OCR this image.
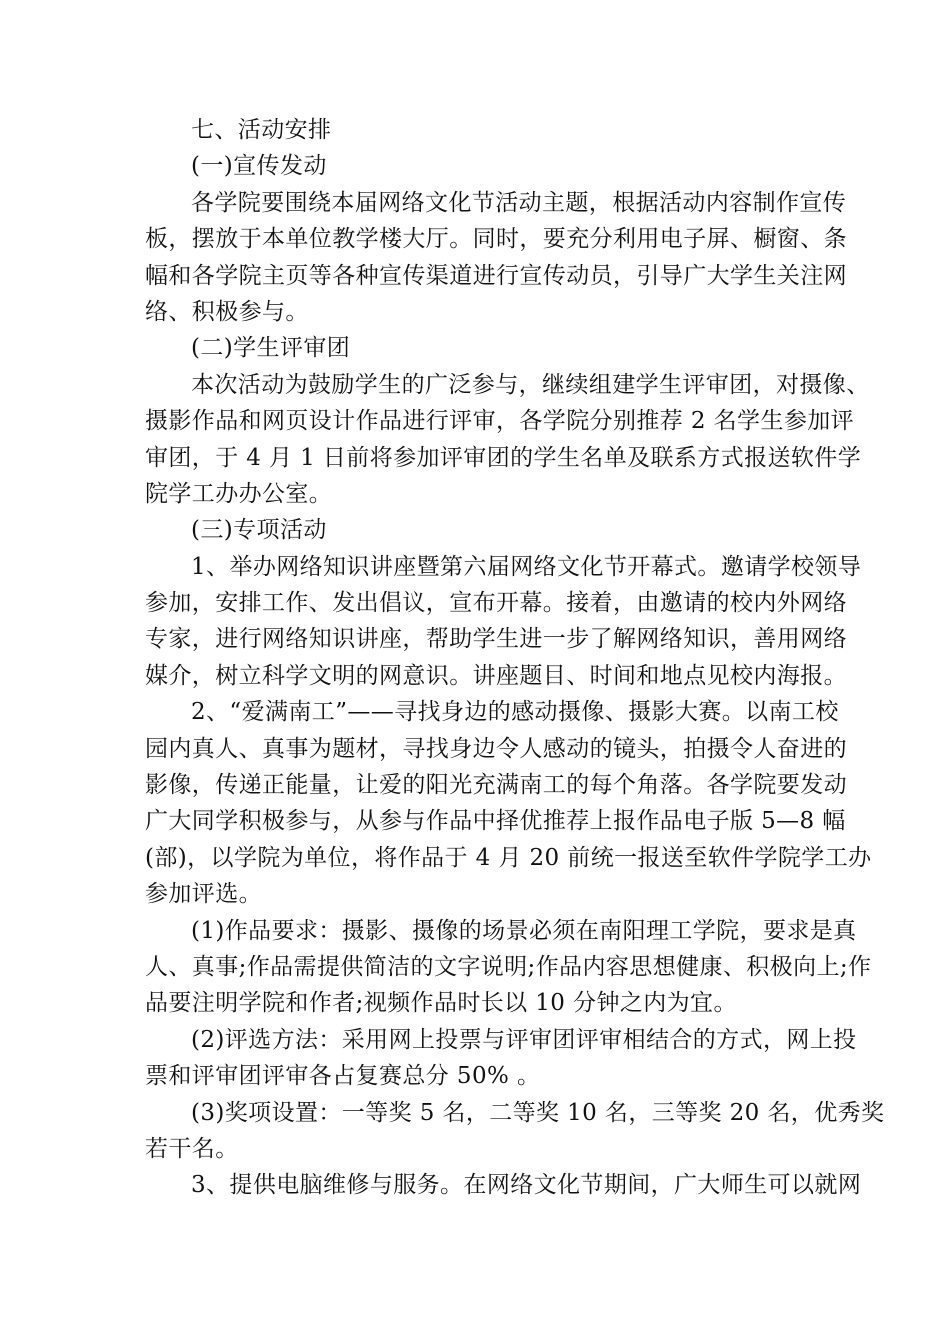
七、活动安排
(一)宣传发动
各学院要围绕本届网络文化节活动主题，根据活动内容制作宣传
板，摆放于本单位教学楼大厅。同时，要充分利用电子屏、橱窗、条
幅和各学院主页等各种宣传渠道进行宣传动员，引导广大学生关注网
络、积极参与。
(二)学生评审团
本次活动为鼓励学生的广泛参与，继续组建学生评审团，对摄像、
摄影作品和网页设计作品进行评审，各学院分别推荐 2 名学生参加评
审团，于 4 月 1 日前将参加评审团的学生名单及联系方式报送软件学
院学工办办公室。
(三)专项活动
1、举办网络知识讲座暨第六届网络文化节开幕式。邀请学校领导
参加，安排工作、发出倡议，宣布开幕。接着，由邀请的校内外网络
专家，进行网络知识讲座，帮助学生进一步了解网络知识，善用网络
媒介，树立科学文明的网意识。讲座题目、时间和地点见校内海报。
2、“爱满南工”——寻找身边的感动摄像、摄影大赛。以南工校
园内真人、真事为题材，寻找身边令人感动的镜头，拍摄令人奋进的
影像，传递正能量，让爱的阳光充满南工的每个角落。各学院要发动
广大同学积极参与，从参与作品中择优推荐上报作品电子版 5—8 幅
(部)，以学院为单位，将作品于 4 月 20 前统一报送至软件学院学工办
参加评选。
(1)作品要求：摄影、摄像的场景必须在南阳理工学院，要求是真
人、真事;作品需提供简洁的文字说明;作品内容思想健康、积极向上;作
品要注明学院和作者;视频作品时长以 10 分钟之内为宜。
(2)评选方法：采用网上投票与评审团评审相结合的方式，网上投
票和评审团评审各占复赛总分 50% 。
(3)奖项设置：一等奖 5 名，二等奖 10 名，三等奖 20 名，优秀奖
若干名。
3、提供电脑维修与服务。在网络文化节期间，广大师生可以就网
